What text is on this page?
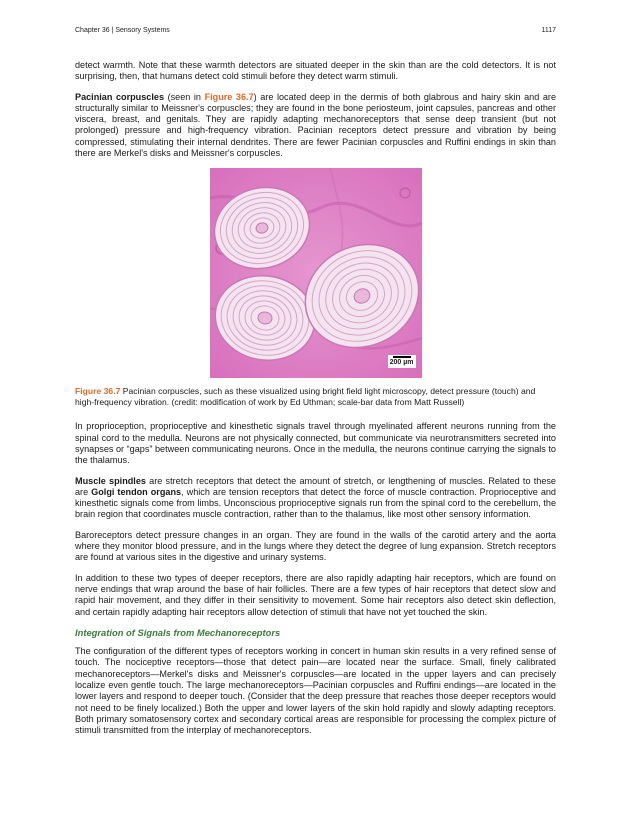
Chapter 36 | Sensory Systems	1117

detect warmth. Note that these warmth detectors are situated deeper in the skin than are the cold detectors. It is not surprising, then, that humans detect cold stimuli before they detect warm stimuli.

Pacinian corpuscles (seen in Figure 36.7) are located deep in the dermis of both glabrous and hairy skin and are structurally similar to Meissner's corpuscles; they are found in the bone periosteum, joint capsules, pancreas and other viscera, breast, and genitals. They are rapidly adapting mechanoreceptors that sense deep transient (but not prolonged) pressure and high-frequency vibration. Pacinian receptors detect pressure and vibration by being compressed, stimulating their internal dendrites. There are fewer Pacinian corpuscles and Ruffini endings in skin than there are Merkel's disks and Meissner's corpuscles.

200 µm

Figure 36.7 Pacinian corpuscles, such as these visualized using bright field light microscopy, detect pressure (touch) and high-frequency vibration. (credit: modification of work by Ed Uthman; scale-bar data from Matt Russell)

In proprioception, proprioceptive and kinesthetic signals travel through myelinated afferent neurons running from the spinal cord to the medulla. Neurons are not physically connected, but communicate via neurotransmitters secreted into synapses or “gaps” between communicating neurons. Once in the medulla, the neurons continue carrying the signals to the thalamus.

Muscle spindles are stretch receptors that detect the amount of stretch, or lengthening of muscles. Related to these are Golgi tendon organs, which are tension receptors that detect the force of muscle contraction. Proprioceptive and kinesthetic signals come from limbs. Unconscious proprioceptive signals run from the spinal cord to the cerebellum, the brain region that coordinates muscle contraction, rather than to the thalamus, like most other sensory information.

Baroreceptors detect pressure changes in an organ. They are found in the walls of the carotid artery and the aorta where they monitor blood pressure, and in the lungs where they detect the degree of lung expansion. Stretch receptors are found at various sites in the digestive and urinary systems.

In addition to these two types of deeper receptors, there are also rapidly adapting hair receptors, which are found on nerve endings that wrap around the base of hair follicles. There are a few types of hair receptors that detect slow and rapid hair movement, and they differ in their sensitivity to movement. Some hair receptors also detect skin deflection, and certain rapidly adapting hair receptors allow detection of stimuli that have not yet touched the skin.

Integration of Signals from Mechanoreceptors

The configuration of the different types of receptors working in concert in human skin results in a very refined sense of touch. The nociceptive receptors—those that detect pain—are located near the surface. Small, finely calibrated mechanoreceptors—Merkel's disks and Meissner's corpuscles—are located in the upper layers and can precisely localize even gentle touch. The large mechanoreceptors—Pacinian corpuscles and Ruffini endings—are located in the lower layers and respond to deeper touch. (Consider that the deep pressure that reaches those deeper receptors would not need to be finely localized.) Both the upper and lower layers of the skin hold rapidly and slowly adapting receptors. Both primary somatosensory cortex and secondary cortical areas are responsible for processing the complex picture of stimuli transmitted from the interplay of mechanoreceptors.
